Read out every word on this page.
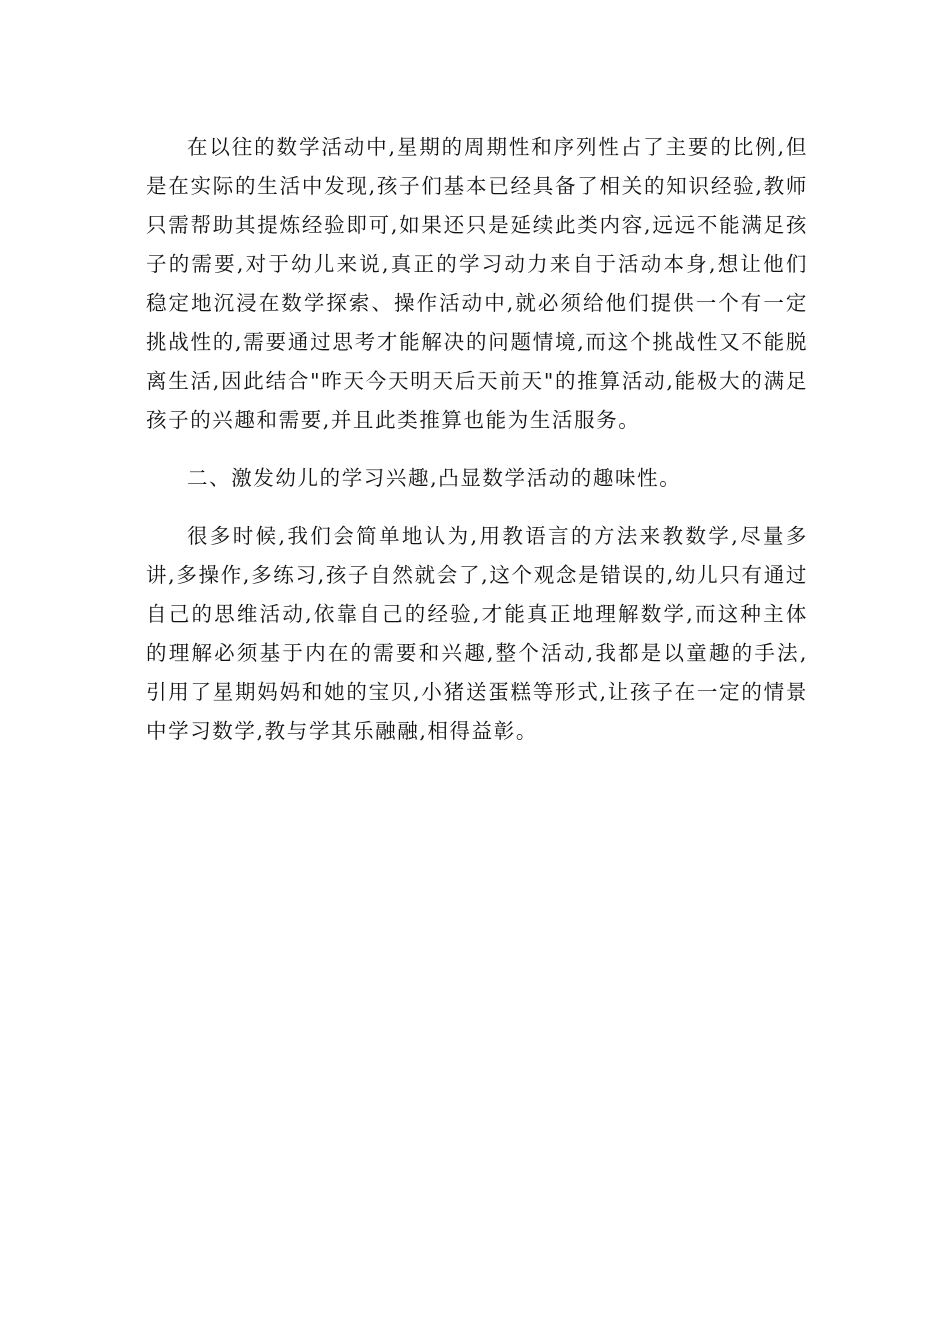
在以往的数学活动中,星期的周期性和序列性占了主要的比例,但是在实际的生活中发现,孩子们基本已经具备了相关的知识经验,教师只需帮助其提炼经验即可,如果还只是延续此类内容,远远不能满足孩子的需要,对于幼儿来说,真正的学习动力来自于活动本身,想让他们稳定地沉浸在数学探索、操作活动中,就必须给他们提供一个有一定挑战性的,需要通过思考才能解决的问题情境,而这个挑战性又不能脱离生活,因此结合"昨天今天明天后天前天"的推算活动,能极大的满足孩子的兴趣和需要,并且此类推算也能为生活服务。

二、激发幼儿的学习兴趣,凸显数学活动的趣味性。

很多时候,我们会简单地认为,用教语言的方法来教数学,尽量多讲,多操作,多练习,孩子自然就会了,这个观念是错误的,幼儿只有通过自己的思维活动,依靠自己的经验,才能真正地理解数学,而这种主体的理解必须基于内在的需要和兴趣,整个活动,我都是以童趣的手法,引用了星期妈妈和她的宝贝,小猪送蛋糕等形式,让孩子在一定的情景中学习数学,教与学其乐融融,相得益彰。
